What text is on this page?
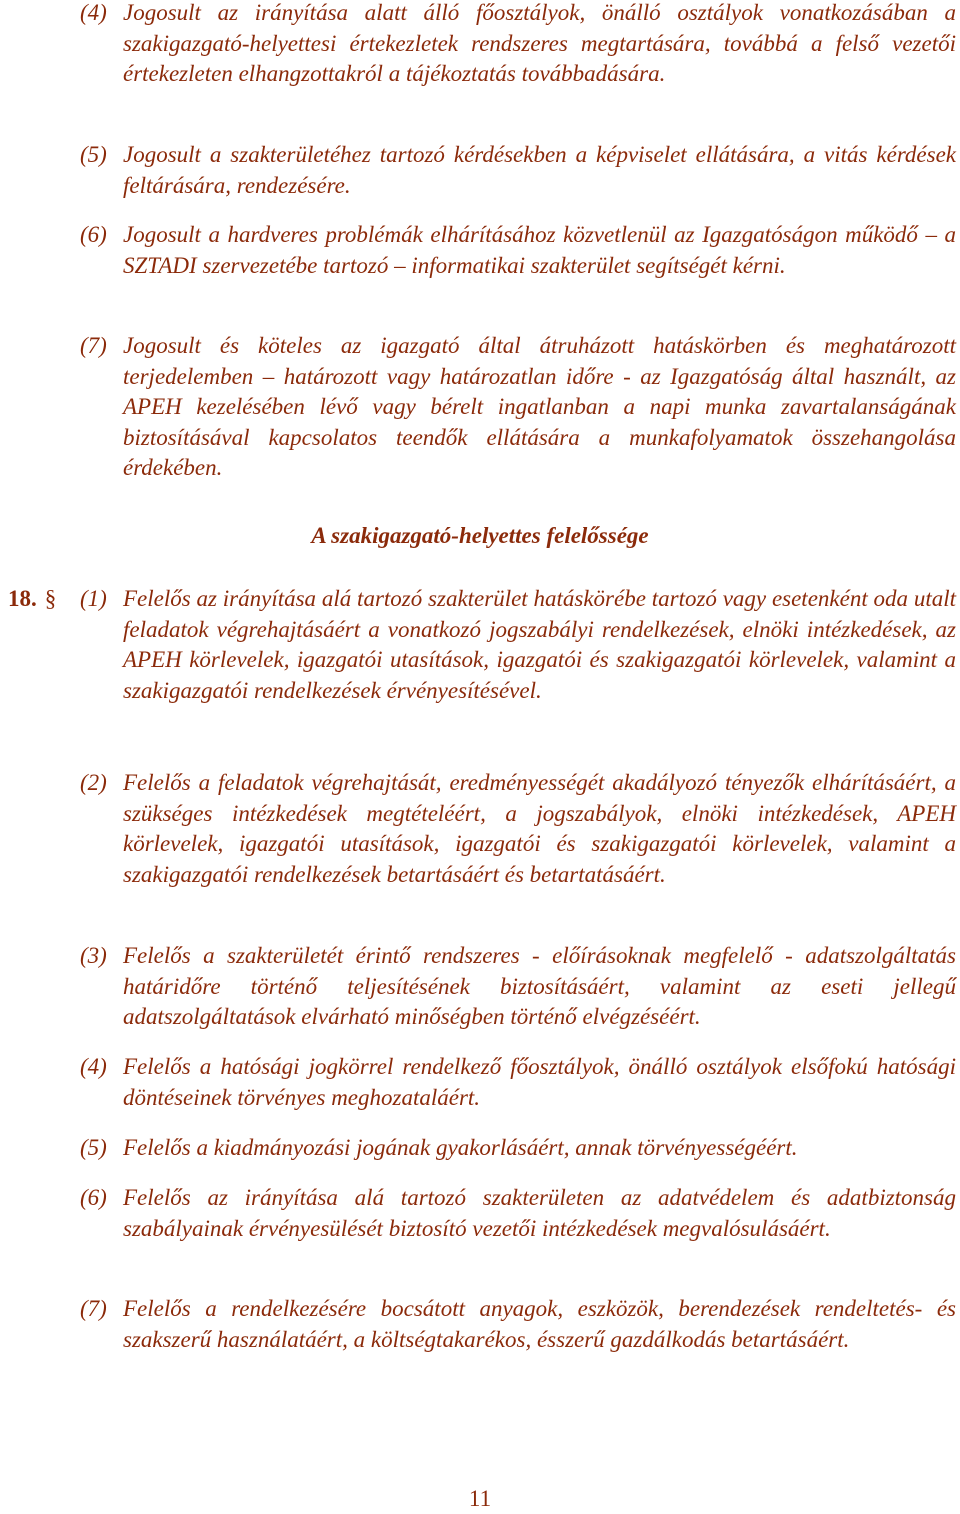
(4) Jogosult az irányítása alatt álló főosztályok, önálló osztályok vonatkozásában a szakigazgató-helyettesi értekezletek rendszeres megtartására, továbbá a felső vezetői értekezleten elhangzottakról a tájékoztatás továbbadására.
(5) Jogosult a szakterületéhez tartozó kérdésekben a képviselet ellátására, a vitás kérdések feltárására, rendezésére.
(6) Jogosult a hardveres problémák elhárításához közvetlenül az Igazgatóságon működő – a SZTADI szervezetébe tartozó – informatikai szakterület segítségét kérni.
(7) Jogosult és köteles az igazgató által átruházott hatáskörben és meghatározott terjedelemben – határozott vagy határozatlan időre - az Igazgatóság által használt, az APEH kezelésében lévő vagy bérelt ingatlanban a napi munka zavartalanságának biztosításával kapcsolatos teendők ellátására a munkafolyamatok összehangolása érdekében.
A szakigazgató-helyettes felelőssége
18. § (1) Felelős az irányítása alá tartozó szakterület hatáskörébe tartozó vagy esetenként oda utalt feladatok végrehajtásáért a vonatkozó jogszabályi rendelkezések, elnöki intézkedések, az APEH körlevelek, igazgatói utasítások, igazgatói és szakigazgatói körlevelek, valamint a szakigazgatói rendelkezések érvényesítésével.
(2) Felelős a feladatok végrehajtását, eredményességét akadályozó tényezők elhárításáért, a szükséges intézkedések megtételéért, a jogszabályok, elnöki intézkedések, APEH körlevelek, igazgatói utasítások, igazgatói és szakigazgatói körlevelek, valamint a szakigazgatói rendelkezések betartásáért és betartatásáért.
(3) Felelős a szakterületét érintő rendszeres - előírásoknak megfelelő - adatszolgáltatás határidőre történő teljesítésének biztosításáért, valamint az eseti jellegű adatszolgáltatások elvárható minőségben történő elvégzéséért.
(4) Felelős a hatósági jogkörrel rendelkező főosztályok, önálló osztályok elsőfokú hatósági döntéseinek törvényes meghozataláért.
(5) Felelős a kiadmányozási jogának gyakorlásáért, annak törvényességéért.
(6) Felelős az irányítása alá tartozó szakterületen az adatvédelem és adatbiztonság szabályainak érvényesülését biztosító vezetői intézkedések megvalósulásáért.
(7) Felelős a rendelkezésére bocsátott anyagok, eszközök, berendezések rendeltetés- és szakszerű használatáért, a költségtakarékos, ésszerű gazdálkodás betartásáért.
11
